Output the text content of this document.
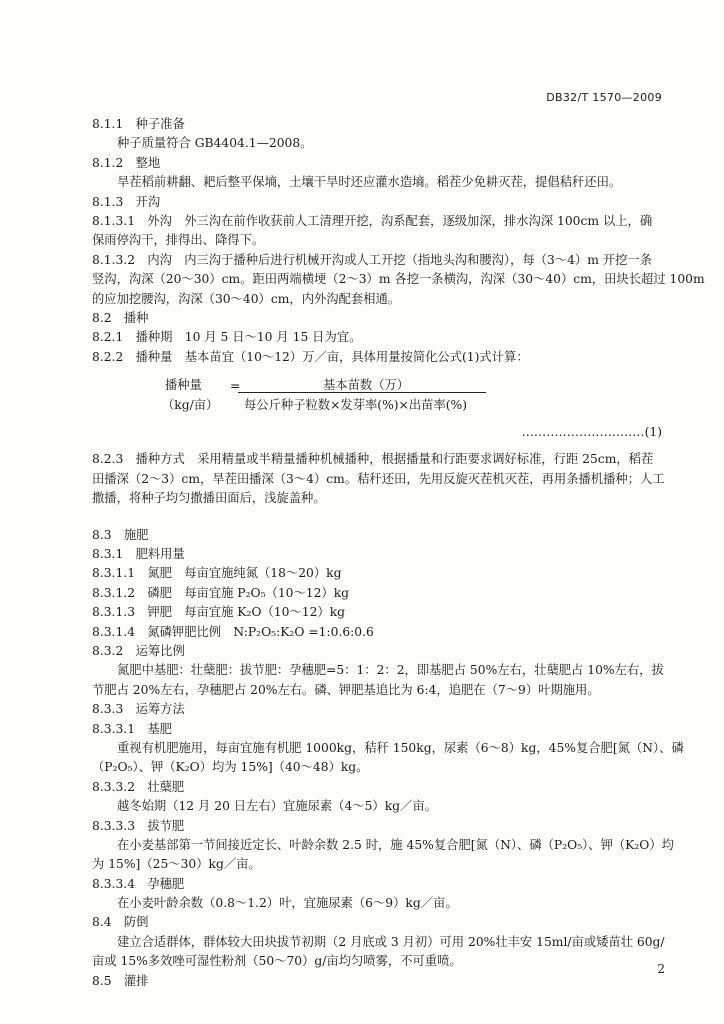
DB32/T 1570—2009
8.1.1　种子准备
种子质量符合 GB4404.1—2008。
8.1.2　整地
旱茬稻前耕翻、耙后整平保墒，土壤干旱时还应灌水造墒。稻茬少免耕灭茬，提倡秸秆还田。
8.1.3　开沟
8.1.3.1　外沟　外三沟在前作收获前人工清理开挖，沟系配套，逐级加深，排水沟深 100cm 以上，确
保雨停沟干，排得出、降得下。
8.1.3.2　内沟　内三沟于播种后进行机械开沟或人工开挖（指地头沟和腰沟），每（3～4）m 开挖一条
竖沟，沟深（20～30）cm。距田两端横埂（2～3）m 各挖一条横沟，沟深（30～40）cm，田块长超过 100m
的应加挖腰沟，沟深（30～40）cm，内外沟配套相通。
8.2　播种
8.2.1　播种期　10 月 5 日～10 月 15 日为宜。
8.2.2　播种量　基本苗宜（10～12）万／亩，具体用量按简化公式(1)式计算：
播种量
（kg/亩）
=	基本苗数（万）
每公斤种子粒数×发芽率(%)×出苗率(%)
…………………………(1)
8.2.3　播种方式　采用精量或半精量播种机械播种，根据播量和行距要求调好标准，行距 25cm，稻茬
田播深（2～3）cm，旱茬田播深（3～4）cm。秸秆还田，先用反旋灭茬机灭茬，再用条播机播种；人工
撒播，将种子均匀撒播田面后，浅旋盖种。
8.3　施肥
8.3.1　肥料用量
8.3.1.1　氮肥　每亩宜施纯氮（18～20）kg
8.3.1.2　磷肥　每亩宜施 P₂O₅（10～12）kg
8.3.1.3　钾肥　每亩宜施 K₂O（10～12）kg
8.3.1.4　氮磷钾肥比例　N:P₂O₅:K₂O =1:0.6:0.6
8.3.2　运筹比例
氮肥中基肥：壮蘖肥：拔节肥：孕穗肥=5：1：2：2，即基肥占 50%左右，壮蘖肥占 10%左右，拔
节肥占 20%左右，孕穗肥占 20%左右。磷、钾肥基追比为 6:4，追肥在（7～9）叶期施用。
8.3.3　运筹方法
8.3.3.1　基肥
重视有机肥施用，每亩宜施有机肥 1000kg，秸秆 150kg，尿素（6～8）kg，45%复合肥[氮（N）、磷
（P₂O₅）、钾（K₂O）均为 15%]（40～48）kg。
8.3.3.2　壮蘖肥
越冬始期（12 月 20 日左右）宜施尿素（4～5）kg／亩。
8.3.3.3　拔节肥
在小麦基部第一节间接近定长、叶龄余数 2.5 时，施 45%复合肥[氮（N）、磷（P₂O₅）、钾（K₂O）均
为 15%]（25～30）kg／亩。
8.3.3.4　孕穗肥
在小麦叶龄余数（0.8～1.2）叶，宜施尿素（6～9）kg／亩。
8.4　防倒
建立合适群体，群体较大田块拔节初期（2 月底或 3 月初）可用 20%壮丰安 15ml/亩或矮苗壮 60g/
亩或 15%多效唑可湿性粉剂（50～70）g/亩均匀喷雾，不可重喷。
8.5　灌排
2
